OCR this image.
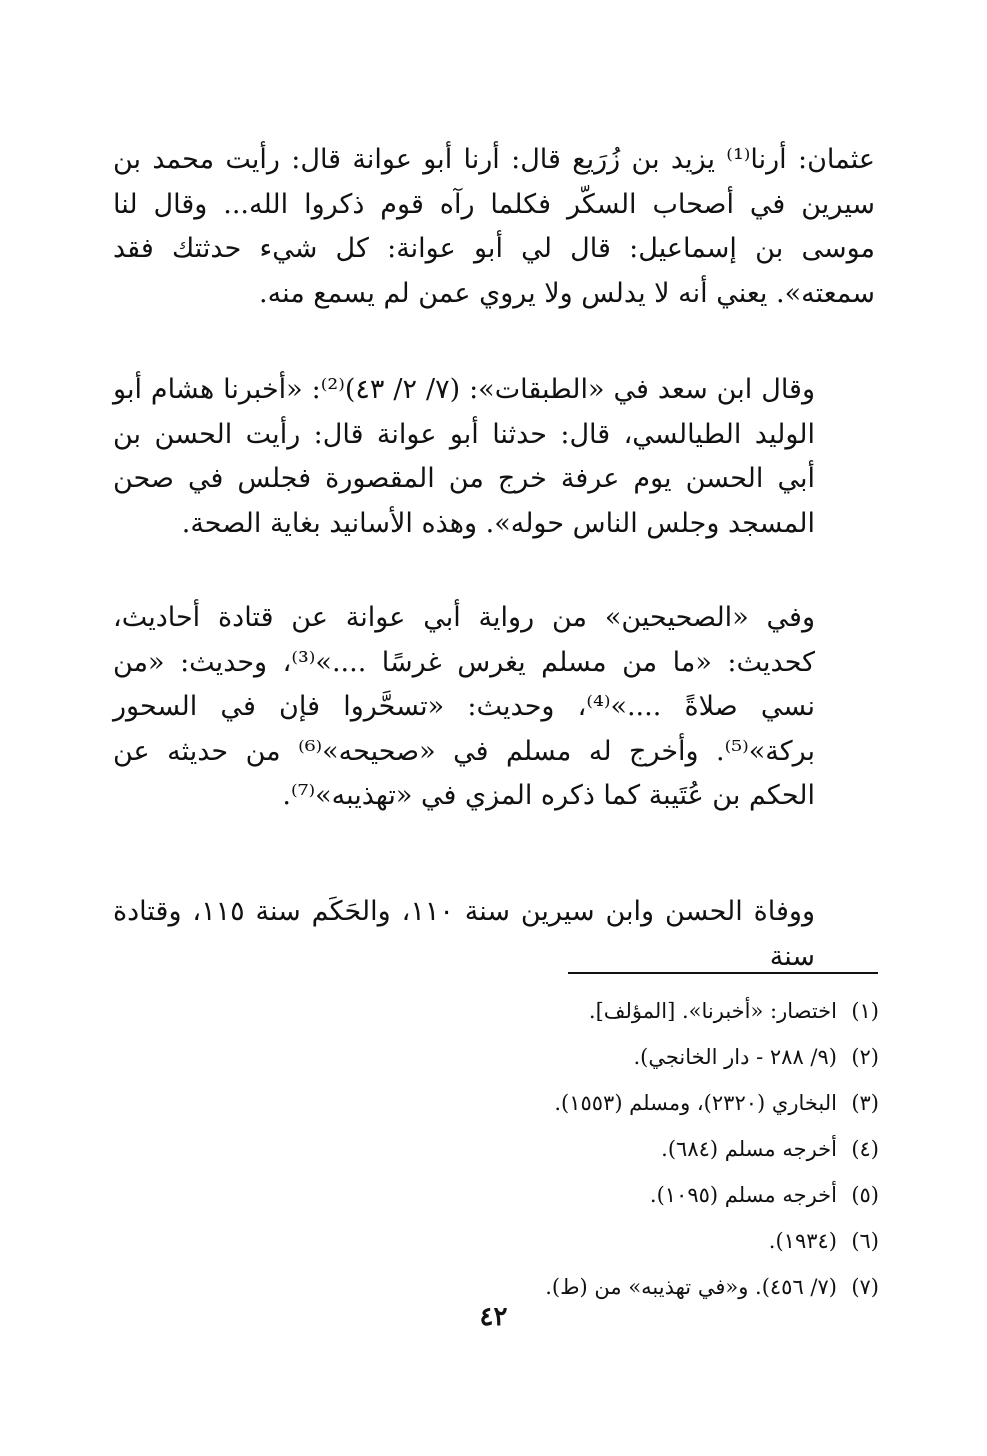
عثمان: أرنا⁽¹⁾ يزيد بن زُرَيع قال: أرنا أبو عوانة قال: رأيت محمد بن سيرين في أصحاب السكّر فكلما رآه قوم ذكروا الله... وقال لنا موسى بن إسماعيل: قال لي أبو عوانة: كل شيء حدثتك فقد سمعته». يعني أنه لا يدلس ولا يروي عمن لم يسمع منه.

وقال ابن سعد في «الطبقات»: (٧/ ٢/ ٤٣)⁽²⁾: «أخبرنا هشام أبو الوليد الطيالسي، قال: حدثنا أبو عوانة قال: رأيت الحسن بن أبي الحسن يوم عرفة خرج من المقصورة فجلس في صحن المسجد وجلس الناس حوله». وهذه الأسانيد بغاية الصحة.

وفي «الصحيحين» من رواية أبي عوانة عن قتادة أحاديث، كحديث: «ما من مسلم يغرس غرسًا ....»⁽³⁾، وحديث: «من نسي صلاةً ....»⁽⁴⁾، وحديث: «تسحَّروا فإن في السحور بركة»⁽⁵⁾. وأخرج له مسلم في «صحيحه»⁽⁶⁾ من حديثه عن الحكم بن عُتَيبة كما ذكره المزي في «تهذيبه»⁽⁷⁾.

ووفاة الحسن وابن سيرين سنة ١١٠، والحَكَم سنة ١١٥، وقتادة سنة

(١)
اختصار: «أخبرنا». [المؤلف].
(٢)
(٩/ ٢٨٨ - دار الخانجي).
(٣)
البخاري (٢٣٢٠)، ومسلم (١٥٥٣).
(٤)
أخرجه مسلم (٦٨٤).
(٥)
أخرجه مسلم (١٠٩٥).
(٦)
(١٩٣٤).
(٧)
(٧/ ٤٥٦). و«في تهذيبه» من (ط).
٤٢
